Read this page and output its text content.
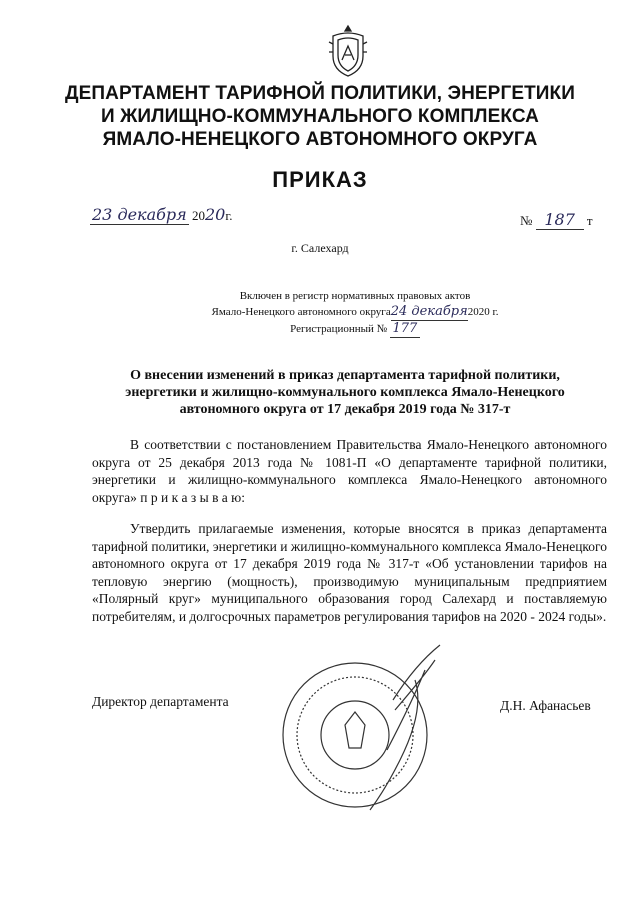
ДЕПАРТАМЕНТ ТАРИФНОЙ ПОЛИТИКИ, ЭНЕРГЕТИКИ
И ЖИЛИЩНО-КОММУНАЛЬНОГО КОМПЛЕКСА
ЯМАЛО-НЕНЕЦКОГО АВТОНОМНОГО ОКРУГА
ПРИКАЗ
23 декабря 2020г.	№ 187 т
г. Салехард
Включен в регистр нормативных правовых актов
Ямало-Ненецкого автономного округа24 декабря2020 г.
Регистрационный № 177
О внесении изменений в приказ департамента тарифной политики, энергетики и жилищно-коммунального комплекса Ямало-Ненецкого автономного округа от 17 декабря 2019 года № 317-т
В соответствии с постановлением Правительства Ямало-Ненецкого автономного округа от 25 декабря 2013 года № 1081-П «О департаменте тарифной политики, энергетики и жилищно-коммунального комплекса Ямало-Ненецкого автономного округа» п р и к а з ы в а ю:
Утвердить прилагаемые изменения, которые вносятся в приказ департамента тарифной политики, энергетики и жилищно-коммунального комплекса Ямало-Ненецкого автономного округа от 17 декабря 2019 года № 317-т «Об установлении тарифов на тепловую энергию (мощность), производимую муниципальным предприятием «Полярный круг» муниципального образования город Салехард и поставляемую потребителям, и долгосрочных параметров регулирования тарифов на 2020 - 2024 годы».
Директор департамента	Д.Н. Афанасьев
